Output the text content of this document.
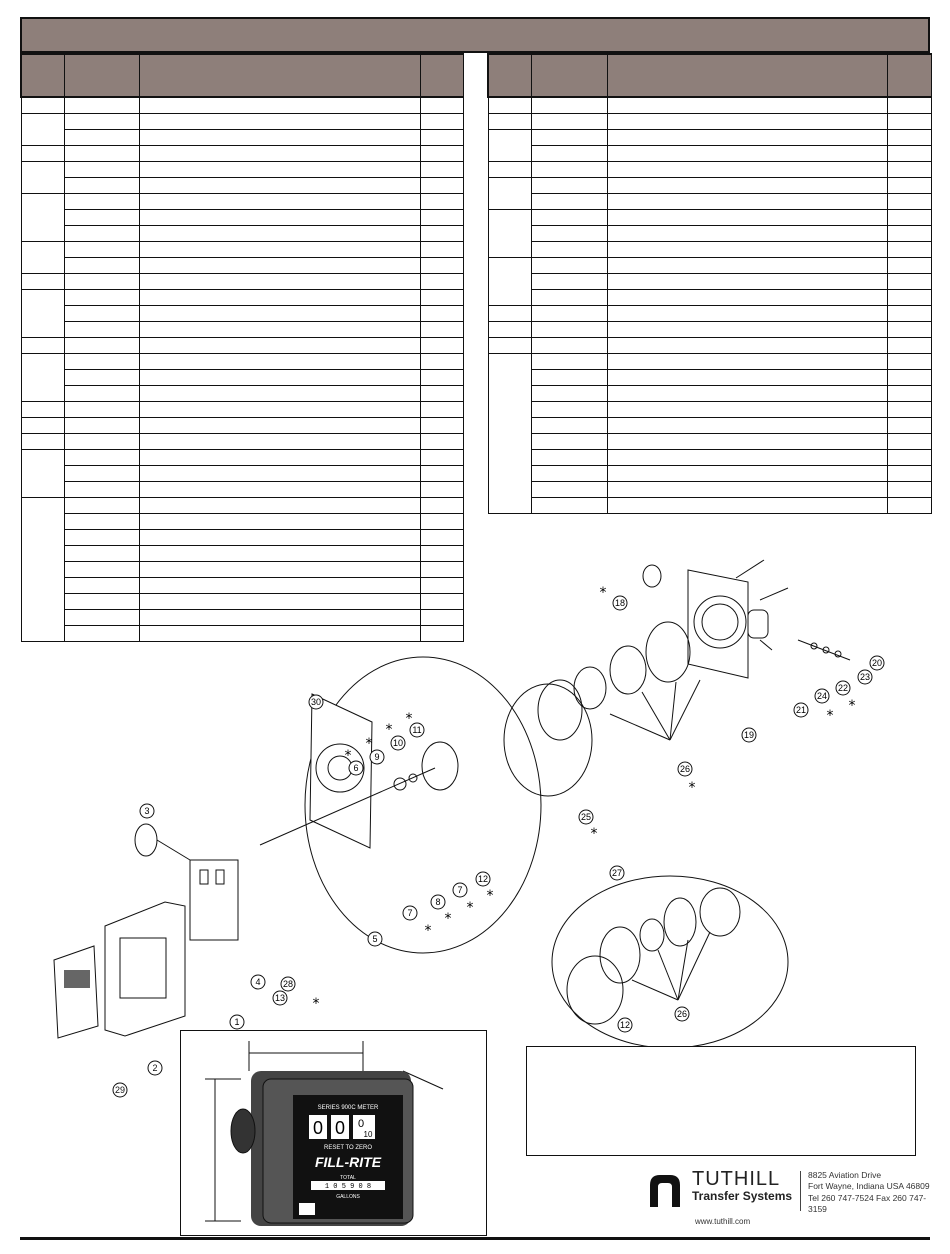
30
3
6
9
10
11
12
7
8
7
5
28
13
4
1
18
19
20
23
22
24
21
26
25
27
26
12
*
*
*
*
*
*
*
*
*
*
*
*
*
*
29
2
SERIES 900C METER
0 0 0
10
RESET TO ZERO
FILL-RITE
TOTAL
1 0 5 9 0 8
GALLONS
TUTHILL
Transfer Systems
8825 Aviation Drive
Fort Wayne, Indiana USA 46809
Tel 260 747-7524 Fax 260 747-3159
www.tuthill.com
